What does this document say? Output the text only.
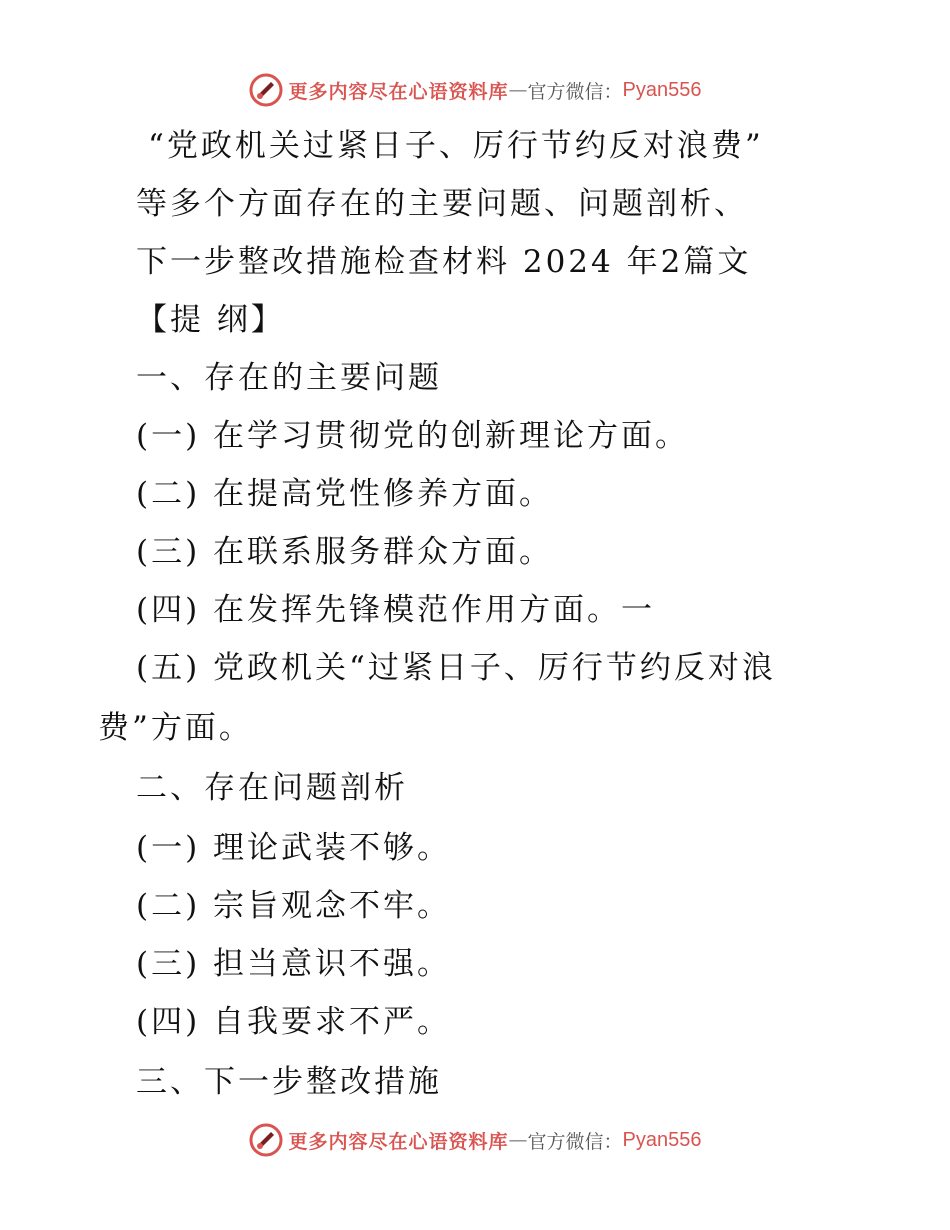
更多内容尽在心语资料库 — 官方微信： Pyan556
“党政机关过紧日子、厉行节约反对浪费”
等多个方面存在的主要问题、问题剖析、
下一步整改措施检查材料 2024 年2篇文
【提 纲】
一、存在的主要问题
(一) 在学习贯彻党的创新理论方面。
(二) 在提高党性修养方面。
(三) 在联系服务群众方面。
(四) 在发挥先锋模范作用方面。一
(五) 党政机关“过紧日子、厉行节约反对浪
费”方面。
二、存在问题剖析
(一) 理论武装不够。
(二) 宗旨观念不牢。
(三) 担当意识不强。
(四) 自我要求不严。
三、下一步整改措施
更多内容尽在心语资料库 — 官方微信： Pyan556
